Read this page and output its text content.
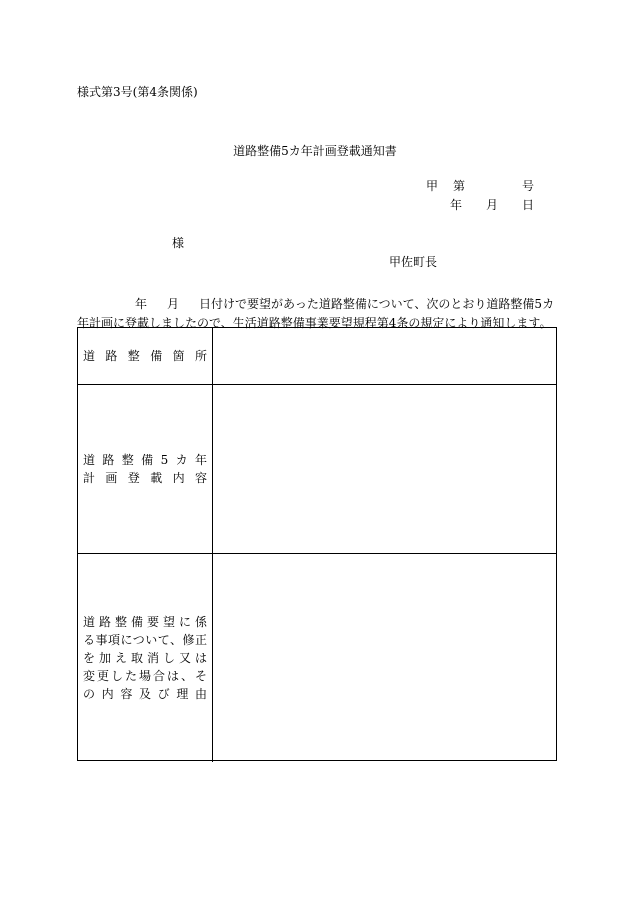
様式第3号(第4条関係)
道路整備5カ年計画登載通知書
甲 第	号
年 月 日
様
甲佐町長
年 月 日付けで要望があった道路整備について、次のとおり道路整備5カ
年計画に登載しましたので、生活道路整備事業要望規程第4条の規定により通知します。
道路整備箇所
道路整備5カ年
計画登載内容
道路整備要望に係
る事項について、修正
を加え取消し又は
変更した場合は、そ
の内容及び理由
